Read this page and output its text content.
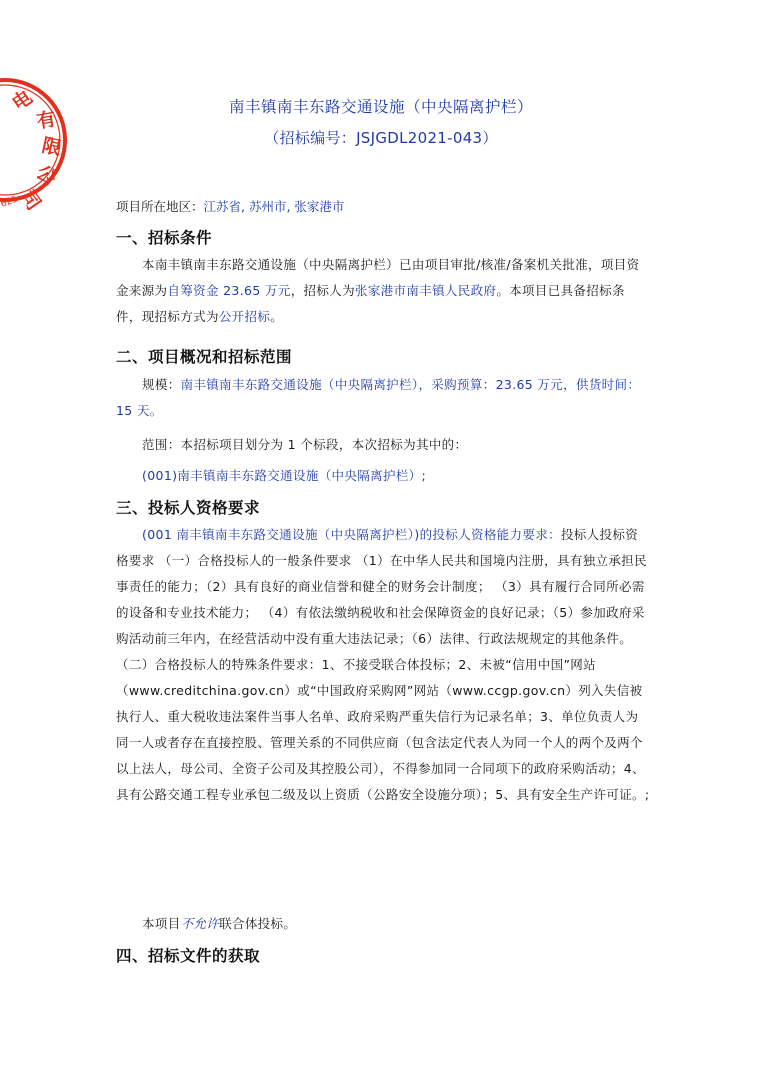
电
有
限
公
司
625
南丰镇南丰东路交通设施（中央隔离护栏）
（招标编号：JSJGDL2021-043）
项目所在地区：江苏省, 苏州市, 张家港市
一、招标条件

本南丰镇南丰东路交通设施（中央隔离护栏）已由项目审批/核准/备案机关批准，项目资金来源为自筹资金 23.65 万元，招标人为张家港市南丰镇人民政府。本项目已具备招标条件，现招标方式为公开招标。

二、项目概况和招标范围

规模：南丰镇南丰东路交通设施（中央隔离护栏），采购预算：23.65 万元，供货时间：15 天。

范围：本招标项目划分为 1 个标段，本次招标为其中的：

(001)南丰镇南丰东路交通设施（中央隔离护栏）;

三、投标人资格要求

(001 南丰镇南丰东路交通设施（中央隔离护栏）)的投标人资格能力要求：投标人投标资格要求 （一）合格投标人的一般条件要求 （1）在中华人民共和国境内注册，具有独立承担民事责任的能力；（2）具有良好的商业信誉和健全的财务会计制度； （3）具有履行合同所必需的设备和专业技术能力； （4）有依法缴纳税收和社会保障资金的良好记录；（5）参加政府采购活动前三年内，在经营活动中没有重大违法记录；（6）法律、行政法规规定的其他条件。（二）合格投标人的特殊条件要求：1、不接受联合体投标；2、未被“信用中国”网站（www.creditchina.gov.cn）或“中国政府采购网”网站（www.ccgp.gov.cn）列入失信被执行人、重大税收违法案件当事人名单、政府采购严重失信行为记录名单；3、单位负责人为同一人或者存在直接控股、管理关系的不同供应商（包含法定代表人为同一个人的两个及两个以上法人，母公司、全资子公司及其控股公司），不得参加同一合同项下的政府采购活动；4、具有公路交通工程专业承包二级及以上资质（公路安全设施分项）；5、具有安全生产许可证。;

本项目不允许联合体投标。

四、招标文件的获取
